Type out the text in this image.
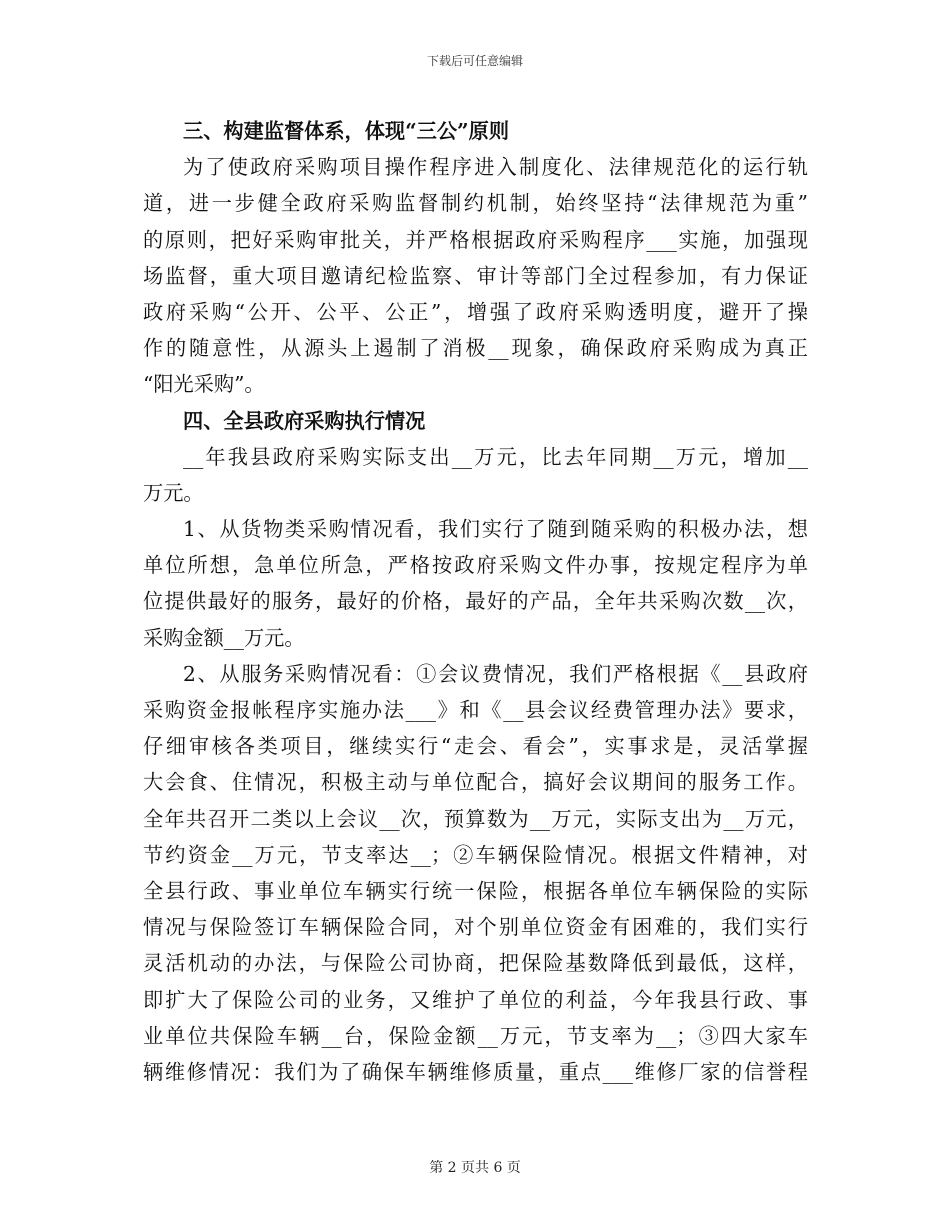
下载后可任意编辑
三、构建监督体系，体现“三公”原则
为了使政府采购项目操作程序进入制度化、法律规范化的运行轨
道，进一步健全政府采购监督制约机制，始终坚持“法律规范为重”
的原则，把好采购审批关，并严格根据政府采购程序___实施，加强现
场监督，重大项目邀请纪检监察、审计等部门全过程参加，有力保证
政府采购“公开、公平、公正”，增强了政府采购透明度，避开了操
作的随意性，从源头上遏制了消极__现象，确保政府采购成为真正
“阳光采购”。
四、全县政府采购执行情况
__年我县政府采购实际支出__万元，比去年同期__万元，增加__
万元。
1、从货物类采购情况看，我们实行了随到随采购的积极办法，想
单位所想，急单位所急，严格按政府采购文件办事，按规定程序为单
位提供最好的服务，最好的价格，最好的产品，全年共采购次数__次，
采购金额__万元。
2、从服务采购情况看：①会议费情况，我们严格根据《__县政府
采购资金报帐程序实施办法___》和《__县会议经费管理办法》要求，
仔细审核各类项目，继续实行“走会、看会”，实事求是，灵活掌握
大会食、住情况，积极主动与单位配合，搞好会议期间的服务工作。
全年共召开二类以上会议__次，预算数为__万元，实际支出为__万元，
节约资金__万元，节支率达__；②车辆保险情况。根据文件精神，对
全县行政、事业单位车辆实行统一保险，根据各单位车辆保险的实际
情况与保险签订车辆保险合同，对个别单位资金有困难的，我们实行
灵活机动的办法，与保险公司协商，把保险基数降低到最低，这样，
即扩大了保险公司的业务，又维护了单位的利益，今年我县行政、事
业单位共保险车辆__台，保险金额__万元，节支率为__；③四大家车
辆维修情况：我们为了确保车辆维修质量，重点___维修厂家的信誉程
第 2 页共 6 页
